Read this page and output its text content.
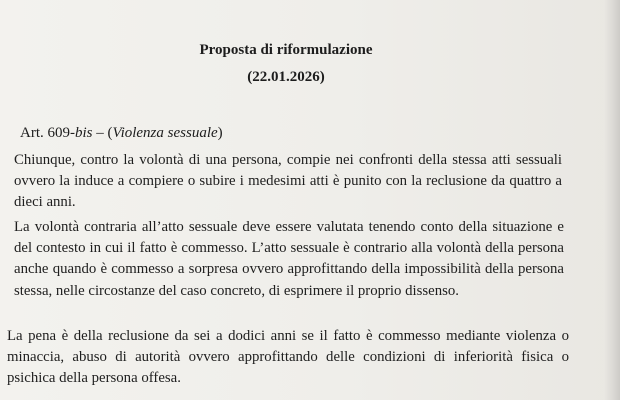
Proposta di riformulazione
(22.01.2026)
Art. 609-bis – (Violenza sessuale)

Chiunque, contro la volontà di una persona, compie nei confronti della stessa atti sessuali ovvero la induce a compiere o subire i medesimi atti è punito con la reclusione da quattro a dieci anni.

La volontà contraria all’atto sessuale deve essere valutata tenendo conto della situazione e del contesto in cui il fatto è commesso. L’atto sessuale è contrario alla volontà della persona anche quando è commesso a sorpresa ovvero approfittando della impossibilità della persona stessa, nelle circostanze del caso concreto, di esprimere il proprio dissenso.

La pena è della reclusione da sei a dodici anni se il fatto è commesso mediante violenza o minaccia, abuso di autorità ovvero approfittando delle condizioni di inferiorità fisica o psichica della persona offesa.
